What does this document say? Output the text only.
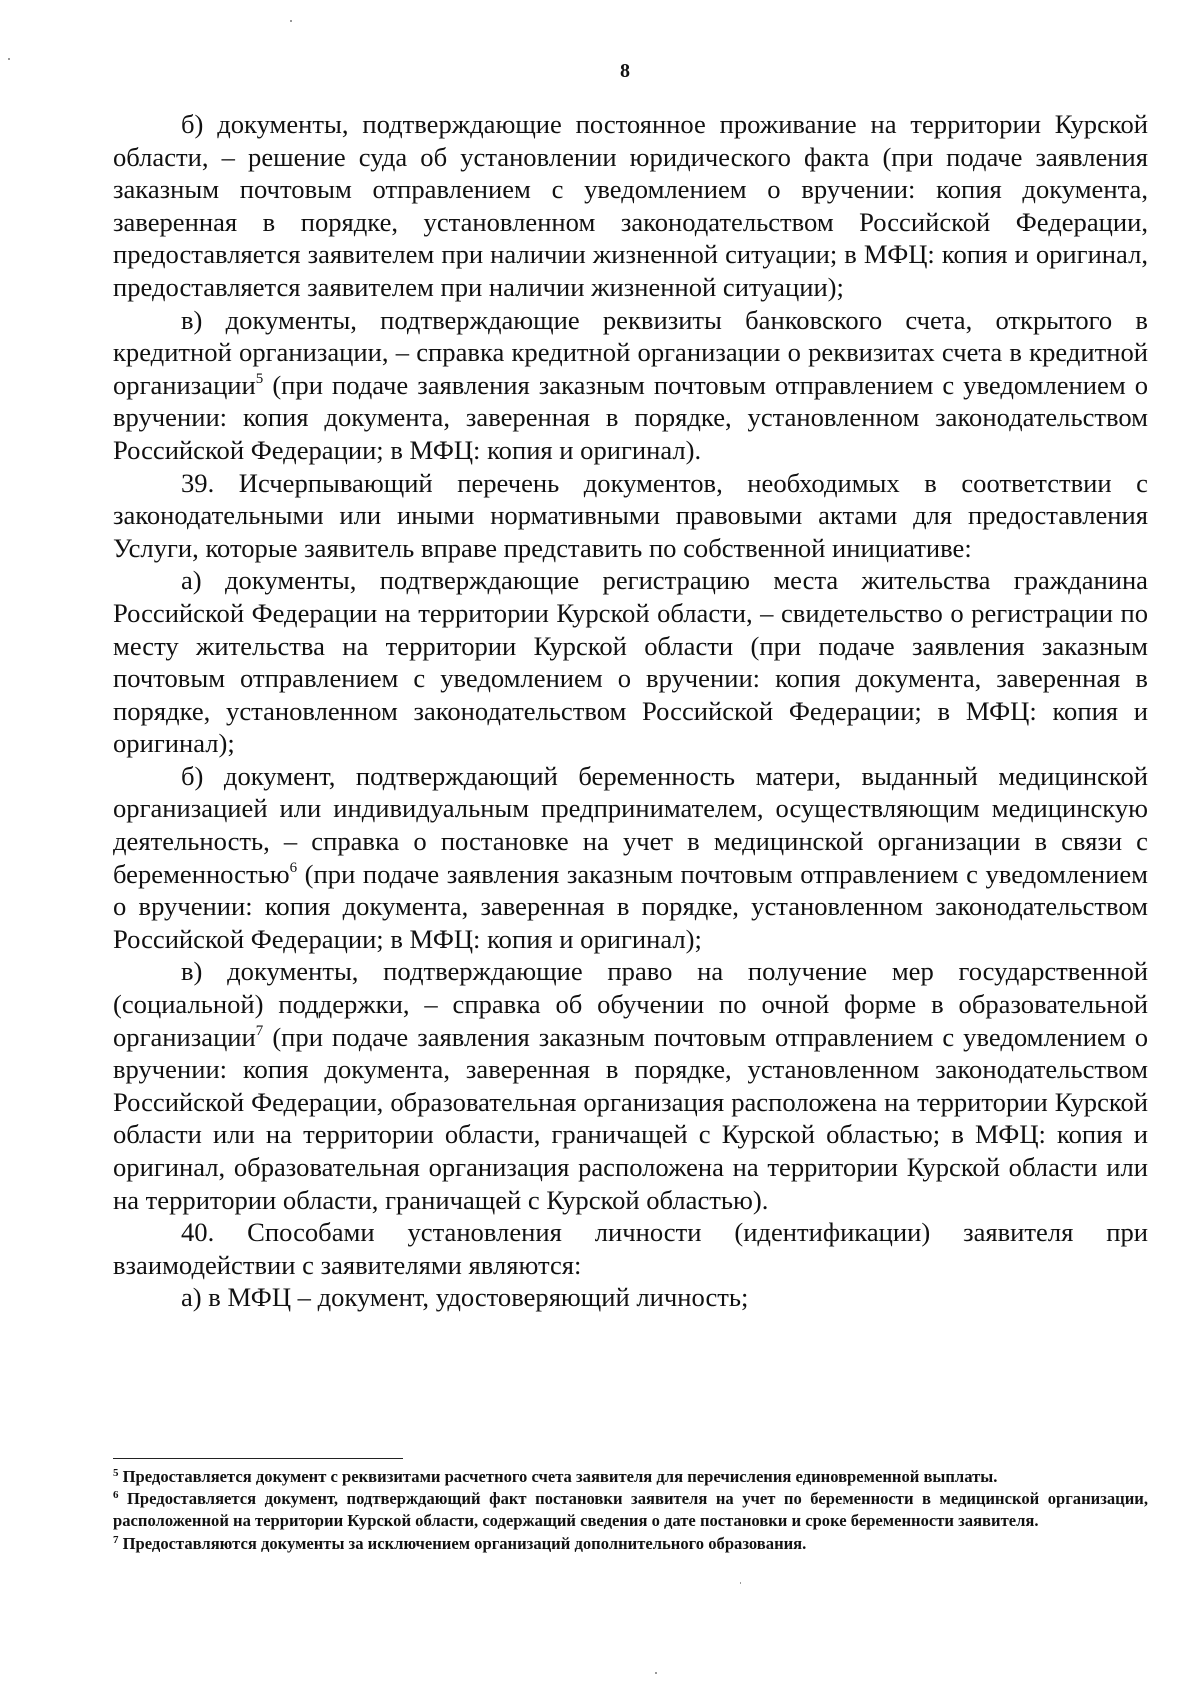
8

б) документы, подтверждающие постоянное проживание на территории Курской области, – решение суда об установлении юридического факта (при подаче заявления заказным почтовым отправлением с уведомлением о вручении: копия документа, заверенная в порядке, установленном законодательством Российской Федерации, предоставляется заявителем при наличии жизненной ситуации; в МФЦ: копия и оригинал, предоставляется заявителем при наличии жизненной ситуации);

в) документы, подтверждающие реквизиты банковского счета, открытого в кредитной организации, – справка кредитной организации о реквизитах счета в кредитной организации$^5$ (при подаче заявления заказным почтовым отправлением с уведомлением о вручении: копия документа, заверенная в порядке, установленном законодательством Российской Федерации; в МФЦ: копия и оригинал).

39. Исчерпывающий перечень документов, необходимых в соответствии с законодательными или иными нормативными правовыми актами для предоставления Услуги, которые заявитель вправе представить по собственной инициативе:

а) документы, подтверждающие регистрацию места жительства гражданина Российской Федерации на территории Курской области, – свидетельство о регистрации по месту жительства на территории Курской области (при подаче заявления заказным почтовым отправлением с уведомлением о вручении: копия документа, заверенная в порядке, установленном законодательством Российской Федерации; в МФЦ: копия и оригинал);

б) документ, подтверждающий беременность матери, выданный медицинской организацией или индивидуальным предпринимателем, осуществляющим медицинскую деятельность, – справка о постановке на учет в медицинской организации в связи с беременностью$^6$ (при подаче заявления заказным почтовым отправлением с уведомлением о вручении: копия документа, заверенная в порядке, установленном законодательством Российской Федерации; в МФЦ: копия и оригинал);

в) документы, подтверждающие право на получение мер государственной (социальной) поддержки, – справка об обучении по очной форме в образовательной организации$^7$ (при подаче заявления заказным почтовым отправлением с уведомлением о вручении: копия документа, заверенная в порядке, установленном законодательством Российской Федерации, образовательная организация расположена на территории Курской области или на территории области, граничащей с Курской областью; в МФЦ: копия и оригинал, образовательная организация расположена на территории Курской области или на территории области, граничащей с Курской областью).

40. Способами установления личности (идентификации) заявителя при взаимодействии с заявителями являются:

а) в МФЦ – документ, удостоверяющий личность;

$^5$ Предоставляется документ с реквизитами расчетного счета заявителя для перечисления единовременной выплаты.

$^6$ Предоставляется документ, подтверждающий факт постановки заявителя на учет по беременности в медицинской организации, расположенной на территории Курской области, содержащий сведения о дате постановки и сроке беременности заявителя.

$^7$ Предоставляются документы за исключением организаций дополнительного образования.
